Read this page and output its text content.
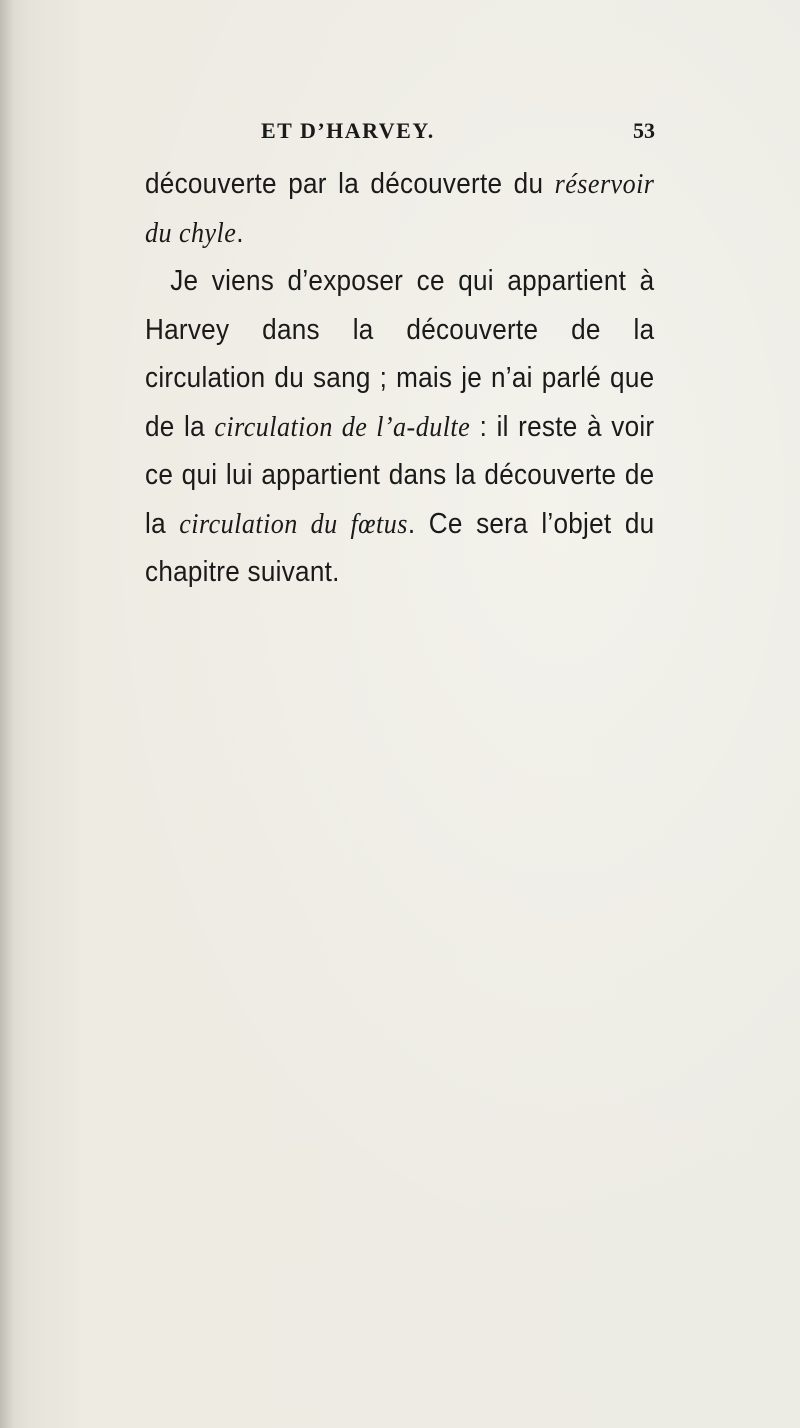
ET D’HARVEY.	53

découverte par la découverte du réservoir du chyle.

Je viens d’exposer ce qui appartient à Harvey dans la découverte de la circulation du sang ; mais je n’ai parlé que de la circulation de l’a-dulte : il reste à voir ce qui lui appartient dans la découverte de la circulation du fœtus. Ce sera l’objet du chapitre suivant.
